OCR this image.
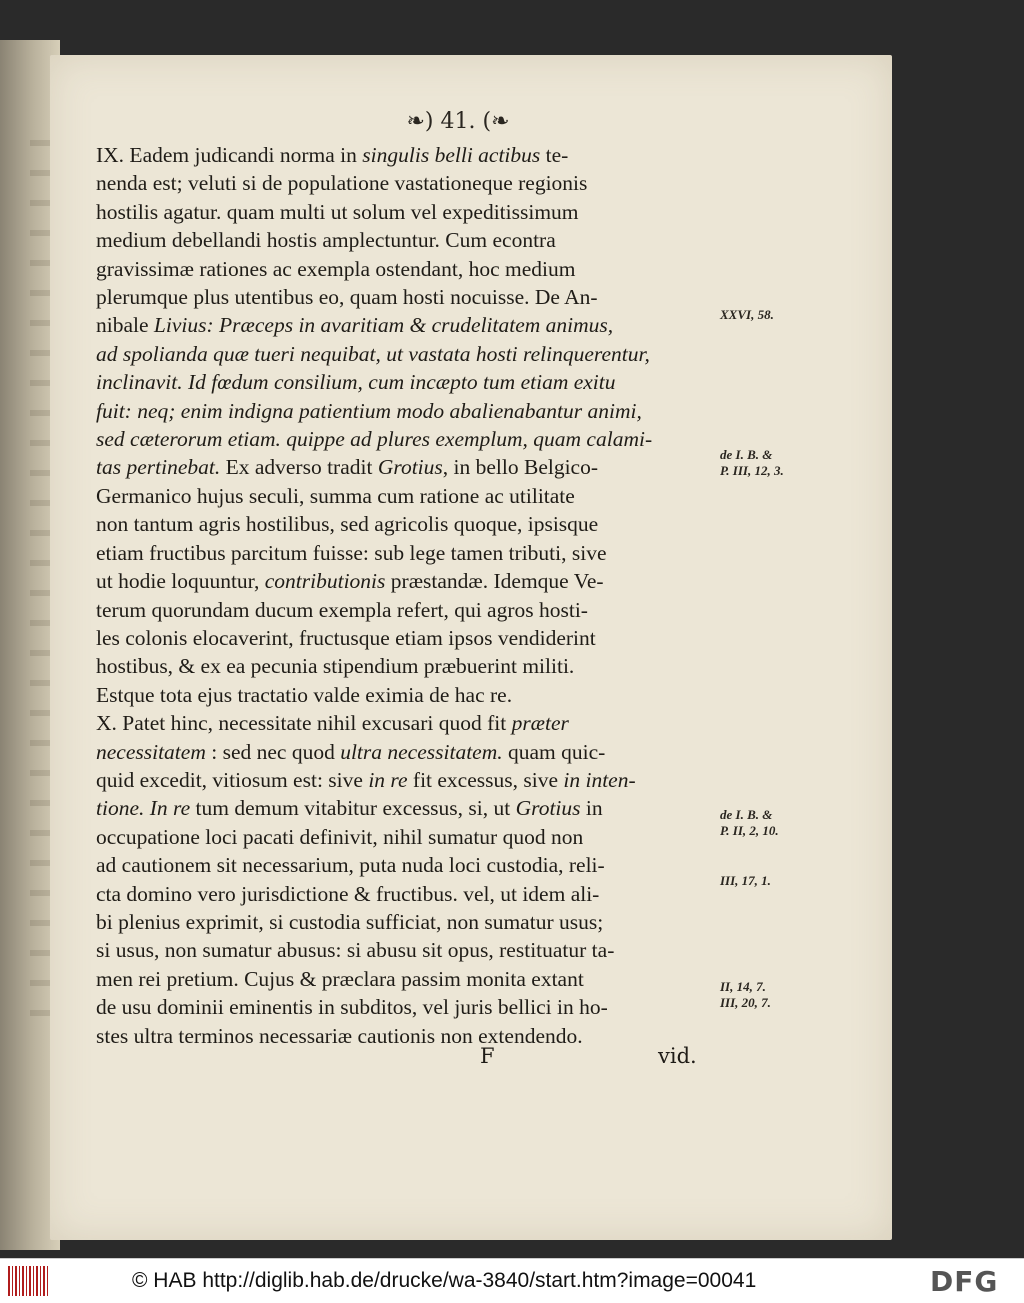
❧) 41. (❧
IX. Eadem judicandi norma in singulis belli actibus te-
nenda est; veluti si de populatione vastationeque regionis
hostilis agatur. quam multi ut solum vel expeditissimum
medium debellandi hostis amplectuntur. Cum econtra
gravissimæ rationes ac exempla ostendant, hoc medium
plerumque plus utentibus eo, quam hosti nocuisse. De An-
nibale Livius: Præceps in avaritiam & crudelitatem animus,
ad spolianda quæ tueri nequibat, ut vastata hosti relinquerentur,
inclinavit. Id fœdum consilium, cum incæpto tum etiam exitu
fuit: neq; enim indigna patientium modo abalienabantur animi,
sed cæterorum etiam. quippe ad plures exemplum, quam calami-
tas pertinebat. Ex adverso tradit Grotius, in bello Belgico-
Germanico hujus seculi, summa cum ratione ac utilitate
non tantum agris hostilibus, sed agricolis quoque, ipsisque
etiam fructibus parcitum fuisse: sub lege tamen tributi, sive
ut hodie loquuntur, contributionis præstandæ. Idemque Ve-
terum quorundam ducum exempla refert, qui agros hosti-
les colonis elocaverint, fructusque etiam ipsos vendiderint
hostibus, & ex ea pecunia stipendium præbuerint militi.
Estque tota ejus tractatio valde eximia de hac re.
X. Patet hinc, necessitate nihil excusari quod fit præter
necessitatem : sed nec quod ultra necessitatem. quam quic-
quid excedit, vitiosum est: sive in re fit excessus, sive in inten-
tione. In re tum demum vitabitur excessus, si, ut Grotius in
occupatione loci pacati definivit, nihil sumatur quod non
ad cautionem sit necessarium, puta nuda loci custodia, reli-
cta domino vero jurisdictione & fructibus. vel, ut idem ali-
bi plenius exprimit, si custodia sufficiat, non sumatur usus;
si usus, non sumatur abusus: si abusu sit opus, restituatur ta-
men rei pretium. Cujus & præclara passim monita extant
de usu dominii eminentis in subditos, vel juris bellici in ho-
stes ultra terminos necessariæ cautionis non extendendo.
XXVI, 58.
de I. B. &
P. III, 12, 3.
de I. B. &
P. II, 2, 10.
III, 17, 1.
II, 14, 7.
III, 20, 7.
F	vid.
© HAB http://diglib.hab.de/drucke/wa-3840/start.htm?image=00041	DFG
